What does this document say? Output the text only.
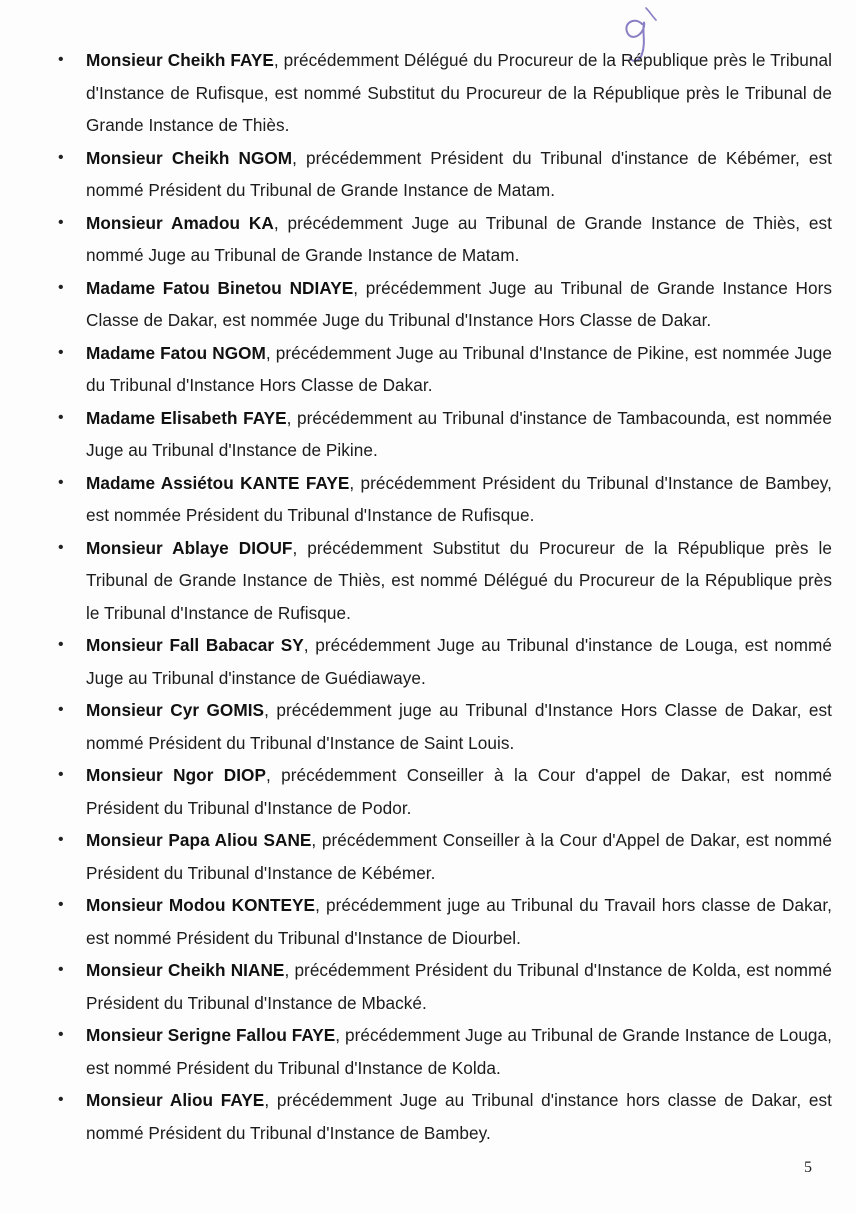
• Monsieur Cheikh FAYE, précédemment Délégué du Procureur de la République près le Tribunal d'Instance de Rufisque, est nommé Substitut du Procureur de la République près le Tribunal de Grande Instance de Thiès.
• Monsieur Cheikh NGOM, précédemment Président du Tribunal d'instance de Kébémer, est nommé Président du Tribunal de Grande Instance de Matam.
• Monsieur Amadou KA, précédemment Juge au Tribunal de Grande Instance de Thiès, est nommé Juge au Tribunal de Grande Instance de Matam.
• Madame Fatou Binetou NDIAYE, précédemment Juge au Tribunal de Grande Instance Hors Classe de Dakar, est nommée Juge du Tribunal d'Instance Hors Classe de Dakar.
• Madame Fatou NGOM, précédemment Juge au Tribunal d'Instance de Pikine, est nommée Juge du Tribunal d'Instance Hors Classe de Dakar.
• Madame Elisabeth FAYE, précédemment au Tribunal d'instance de Tambacounda, est nommée Juge au Tribunal d'Instance de Pikine.
• Madame Assiétou KANTE FAYE, précédemment Président du Tribunal d'Instance de Bambey, est nommée Président du Tribunal d'Instance de Rufisque.
• Monsieur Ablaye DIOUF, précédemment Substitut du Procureur de la République près le Tribunal de Grande Instance de Thiès, est nommé Délégué du Procureur de la République près le Tribunal d'Instance de Rufisque.
• Monsieur Fall Babacar SY, précédemment Juge au Tribunal d'instance de Louga, est nommé Juge au Tribunal d'instance de Guédiawaye.
• Monsieur Cyr GOMIS, précédemment juge au Tribunal d'Instance Hors Classe de Dakar, est nommé Président du Tribunal d'Instance de Saint Louis.
• Monsieur Ngor DIOP, précédemment Conseiller à la Cour d'appel de Dakar, est nommé Président du Tribunal d'Instance de Podor.
• Monsieur Papa Aliou SANE, précédemment Conseiller à la Cour d'Appel de Dakar, est nommé Président du Tribunal d'Instance de Kébémer.
• Monsieur Modou KONTEYE, précédemment juge au Tribunal du Travail hors classe de Dakar, est nommé Président du Tribunal d'Instance de Diourbel.
• Monsieur Cheikh NIANE, précédemment Président du Tribunal d'Instance de Kolda, est nommé Président du Tribunal d'Instance de Mbacké.
• Monsieur Serigne Fallou FAYE, précédemment Juge au Tribunal de Grande Instance de Louga, est nommé Président du Tribunal d'Instance de Kolda.
• Monsieur Aliou FAYE, précédemment Juge au Tribunal d'instance hors classe de Dakar, est nommé Président du Tribunal d'Instance de Bambey.
5
